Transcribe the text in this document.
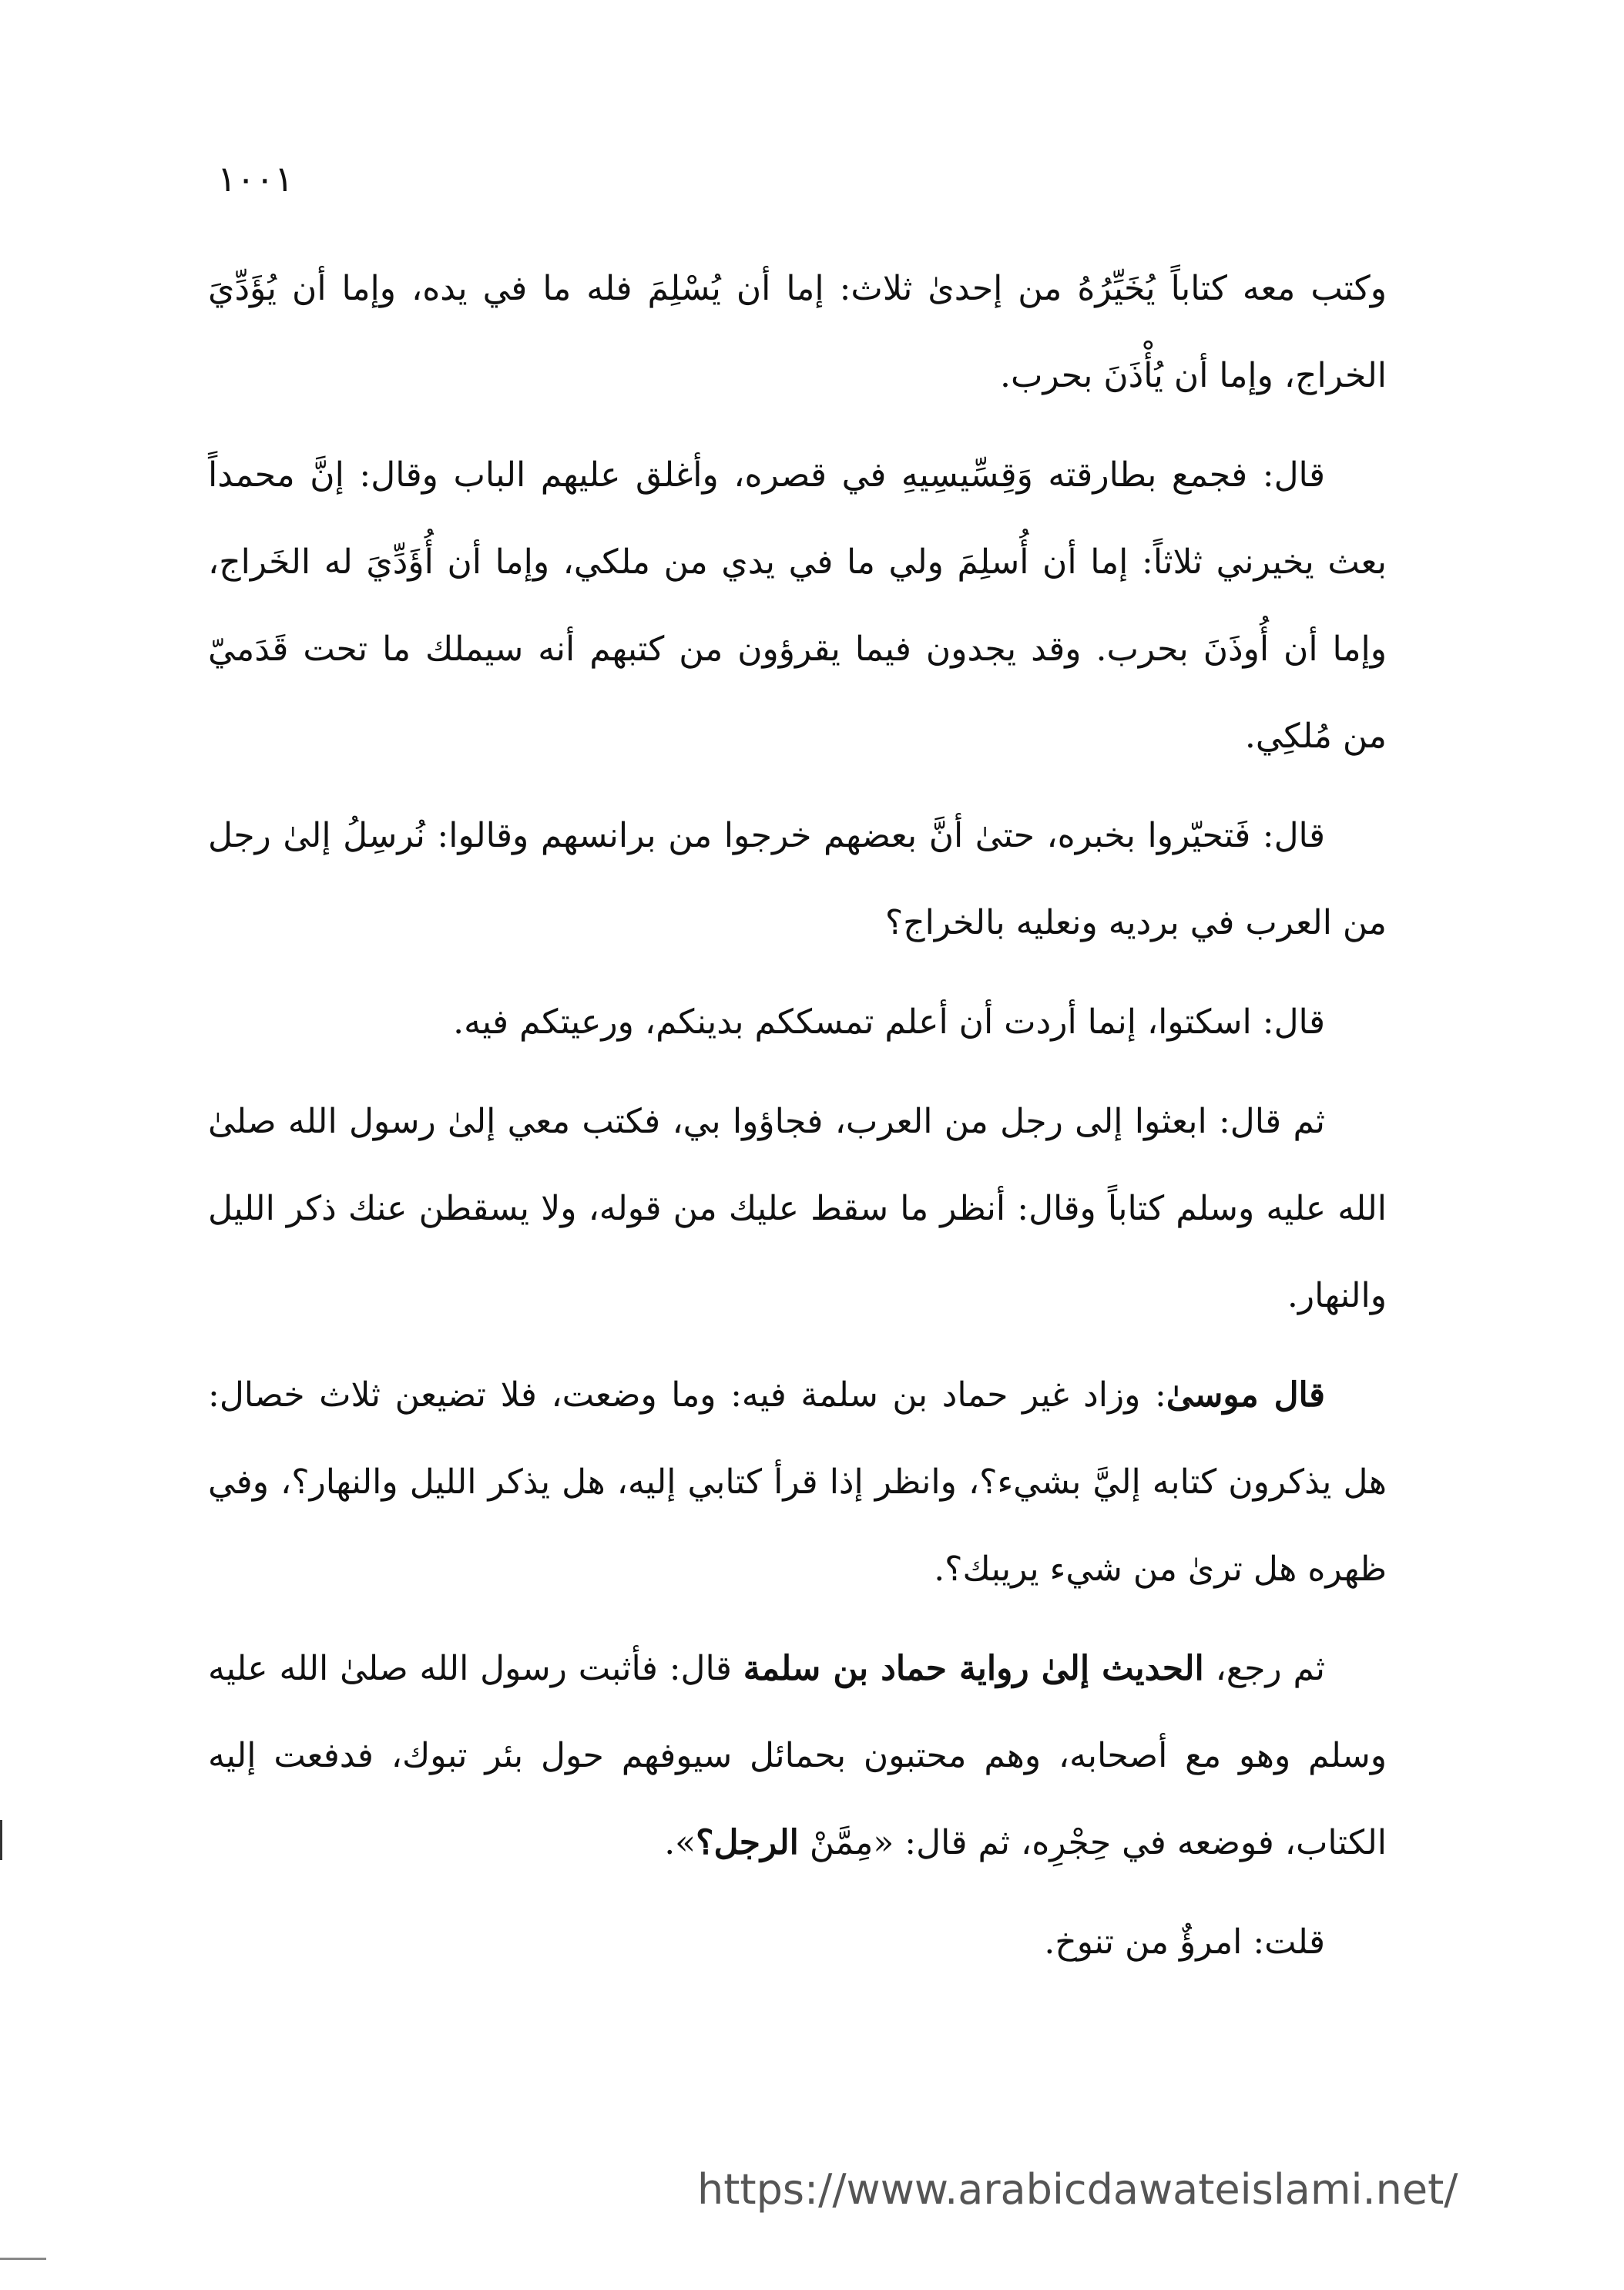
١٠٠١

وكتب معه كتاباً يُخَيِّرُهُ من إحدىٰ ثلاث: إما أن يُسْلِمَ فله ما في يده، وإما أن يُؤَدِّيَ الخراج، وإما أن يُأْذَنَ بحرب.

قال: فجمع بطارقته وَقِسِّيسِيهِ في قصره، وأغلق عليهم الباب وقال: إنَّ محمداً بعث يخيرني ثلاثاً: إما أن أُسلِمَ ولي ما في يدي من ملكي، وإما أن أُؤَدِّيَ له الخَراج، وإما أن أُوذَنَ بحرب. وقد يجدون فيما يقرؤون من كتبهم أنه سيملك ما تحت قَدَميّ من مُلكِي.

قال: فَتحيّروا بخبره، حتىٰ أنَّ بعضهم خرجوا من برانسهم وقالوا: نُرسِلُ إلىٰ رجل من العرب في برديه ونعليه بالخراج؟

قال: اسكتوا، إنما أردت أن أعلم تمسككم بدينكم، ورعيتكم فيه.

ثم قال: ابعثوا إلى رجل من العرب، فجاؤوا بي، فكتب معي إلىٰ رسول الله صلىٰ الله عليه وسلم كتاباً وقال: أنظر ما سقط عليك من قوله، ولا يسقطن عنك ذكر الليل والنهار.

قال موسىٰ: وزاد غير حماد بن سلمة فيه: وما وضعت، فلا تضيعن ثلاث خصال: هل يذكرون كتابه إليَّ بشيء؟، وانظر إذا قرأ كتابي إليه، هل يذكر الليل والنهار؟، وفي ظهره هل ترىٰ من شيء يريبك؟.

ثم رجع، الحديث إلىٰ رواية حماد بن سلمة قال: فأثبت رسول الله صلىٰ الله عليه وسلم وهو مع أصحابه، وهم محتبون بحمائل سيوفهم حول بئر تبوك، فدفعت إليه الكتاب، فوضعه في حِجْرِه، ثم قال: «مِمَّنْ الرجل؟».

قلت: امرؤٌ من تنوخ.

https://www.arabicdawateislami.net/
